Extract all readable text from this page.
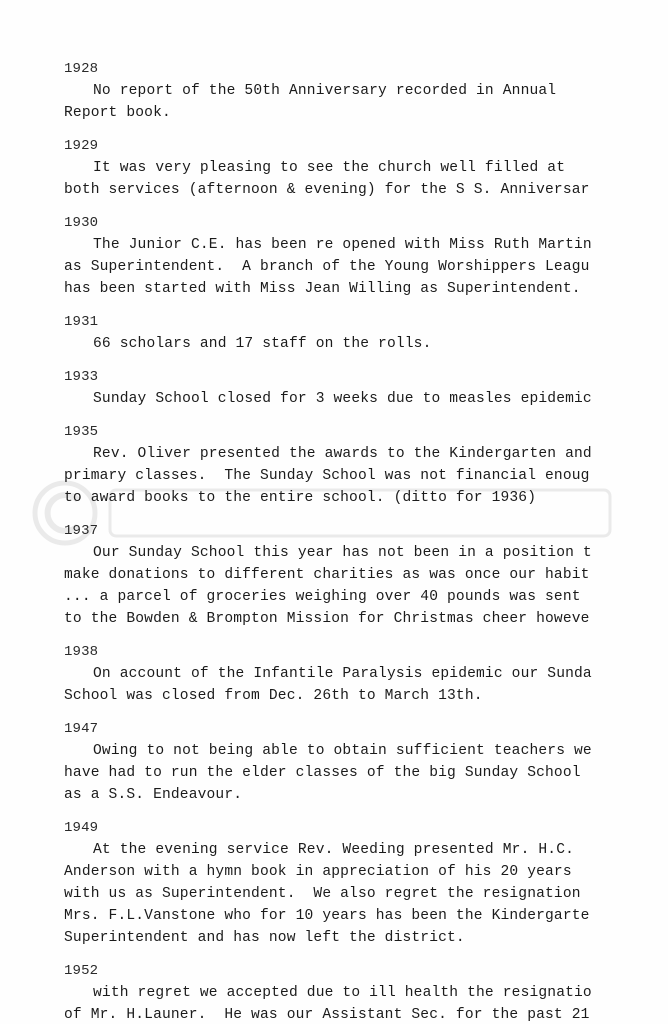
1928
No report of the 50th Anniversary recorded in Annual
Report book.
1929
It was very pleasing to see the church well filled at
both services (afternoon & evening) for the S S. Anniversar
1930
The Junior C.E. has been re opened with Miss Ruth Martin
as Superintendent.  A branch of the Young Worshippers Leagu
has been started with Miss Jean Willing as Superintendent.
1931
66 scholars and 17 staff on the rolls.
1933
Sunday School closed for 3 weeks due to measles epidemic
1935
Rev. Oliver presented the awards to the Kindergarten and
primary classes.  The Sunday School was not financial enoug
to award books to the entire school. (ditto for 1936)
1937
Our Sunday School this year has not been in a position t
make donations to different charities as was once our habit
... a parcel of groceries weighing over 40 pounds was sent
to the Bowden & Brompton Mission for Christmas cheer howeve
1938
On account of the Infantile Paralysis epidemic our Sunda
School was closed from Dec. 26th to March 13th.
1947
Owing to not being able to obtain sufficient teachers we
have had to run the elder classes of the big Sunday School
as a S.S. Endeavour.
1949
At the evening service Rev. Weeding presented Mr. H.C.
Anderson with a hymn book in appreciation of his 20 years
with us as Superintendent.  We also regret the resignation
Mrs. F.L.Vanstone who for 10 years has been the Kindergarte
Superintendent and has now left the district.
1952
with regret we accepted due to ill health the resignatio
of Mr. H.Launer.  He was our Assistant Sec. for the past 21
